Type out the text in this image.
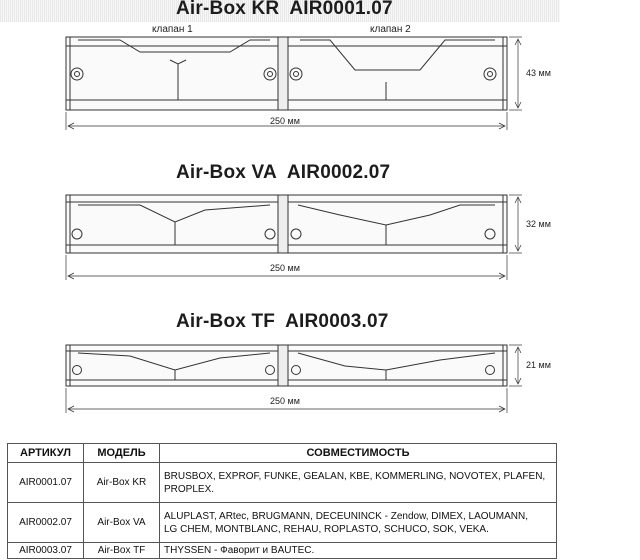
Air-Box KR AIR0001.07
клапан 1	клапан 2
250 мм
43 мм
Air-Box VA AIR0002.07
250 мм
32 мм
Air-Box TF AIR0003.07
250 мм
21 мм
АРТИКУЛ	МОДЕЛЬ	СОВМЕСТИМОСТЬ
AIR0001.07	Air-Box KR	BRUSBOX, EXPROF, FUNKE, GEALAN, KBE, KOMMERLING, NOVOTEX, PLAFEN,
PROPLEX.
AIR0002.07	Air-Box VA	ALUPLAST, ARtec, BRUGMANN, DECEUNINCK - Zendow, DIMEX, LAOUMANN,
LG CHEM, MONTBLANC, REHAU, ROPLASTO, SCHUCO, SOK, VEKA.
AIR0003.07	Air-Box TF	THYSSEN - Фаворит и BAUTEC.
